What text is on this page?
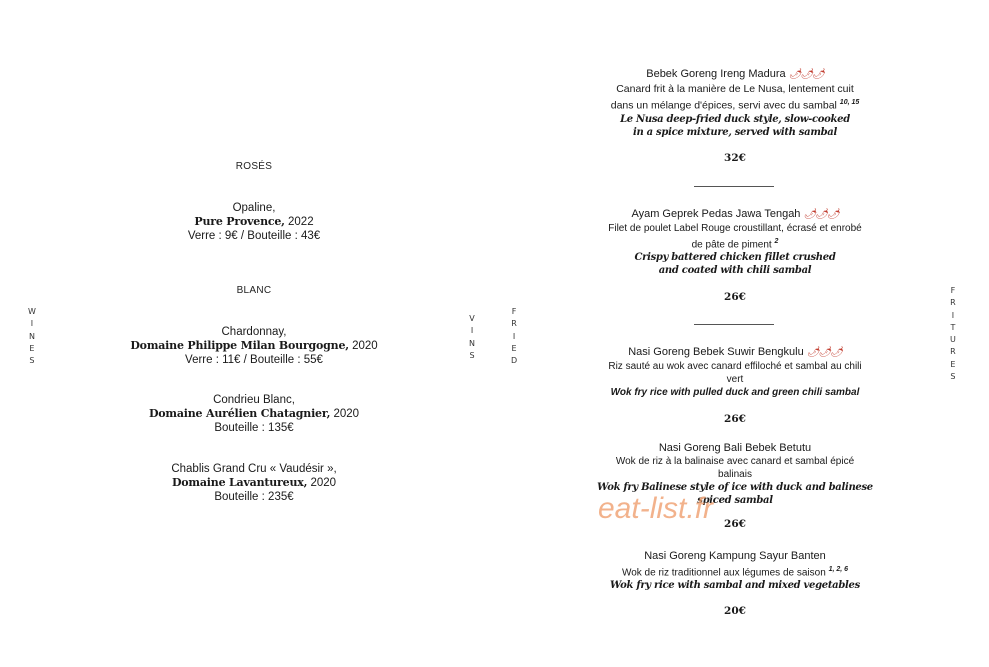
W
I
N
E
S
V
I
N
S
F
R
I
E
D
F
R
I
T
U
R
E
S
ROSÉS
Opaline,
Pure Provence, 2022
Verre : 9€ / Bouteille : 43€
BLANC
Chardonnay,
Domaine Philippe Milan Bourgogne, 2020
Verre : 11€ / Bouteille : 55€
Condrieu Blanc,
Domaine Aurélien Chatagnier, 2020
Bouteille : 135€
Chablis Grand Cru « Vaudésir »,
Domaine Lavantureux, 2020
Bouteille : 235€
Bebek Goreng Ireng Madura 🌶🌶🌶
Canard frit à la manière de Le Nusa, lentement cuit
dans un mélange d'épices, servi avec du sambal $^{10, 15}$
Le Nusa deep-fried duck style, slow-cooked
in a spice mixture, served with sambal
32€
Ayam Geprek Pedas Jawa Tengah 🌶🌶🌶
Filet de poulet Label Rouge croustillant, écrasé et enrobé
de pâte de piment $^2$
Crispy battered chicken fillet crushed
and coated with chili sambal
26€
Nasi Goreng Bebek Suwir Bengkulu 🌶🌶🌶
Riz sauté au wok avec canard effiloché et sambal au chili
vert
Wok fry rice with pulled duck and green chili sambal
26€
Nasi Goreng Bali Bebek Betutu
Wok de riz à la balinaise avec canard et sambal épicé
balinais
Wok fry Balinese style of ice with duck and balinese
spiced sambal
26€
Nasi Goreng Kampung Sayur Banten
Wok de riz traditionnel aux légumes de saison $^{1, 2, 6}$
Wok fry rice with sambal and mixed vegetables
20€
eat-list.fr
